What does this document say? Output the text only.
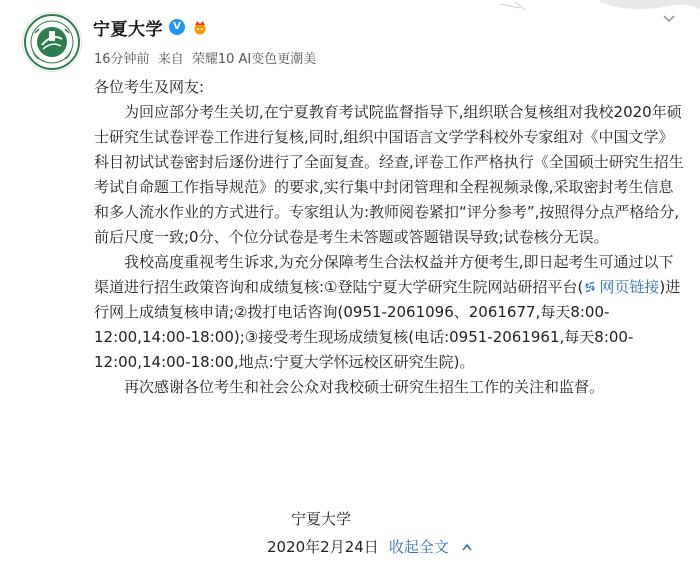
宁夏大学	V
16分钟前 来自 荣耀10 AI变色更潮美

各位考生及网友:

为回应部分考生关切,在宁夏教育考试院监督指导下,组织联合复核组对我校2020年硕士研究生试卷评卷工作进行复核,同时,组织中国语言文学学科校外专家组对《中国文学》科目初试试卷密封后逐份进行了全面复查。经查,评卷工作严格执行《全国硕士研究生招生考试自命题工作指导规范》的要求,实行集中封闭管理和全程视频录像,采取密封考生信息和多人流水作业的方式进行。专家组认为:教师阅卷紧扣“评分参考”,按照得分点严格给分,前后尺度一致;0分、个位分试卷是考生未答题或答题错误导致;试卷核分无误。

我校高度重视考生诉求,为充分保障考生合法权益并方便考生,即日起考生可通过以下渠道进行招生政策咨询和成绩复核:①登陆宁夏大学研究生院网站研招平台( 网页链接)进行网上成绩复核申请;②拨打电话咨询(0951-2061096、2061677,每天8:00-12:00,14:00-18:00);③接受考生现场成绩复核(电话:0951-2061961,每天8:00-12:00,14:00-18:00,地点:宁夏大学怀远校区研究生院)。

再次感谢各位考生和社会公众对我校硕士研究生招生工作的关注和监督。

宁夏大学
2020年2月24日 收起全文
